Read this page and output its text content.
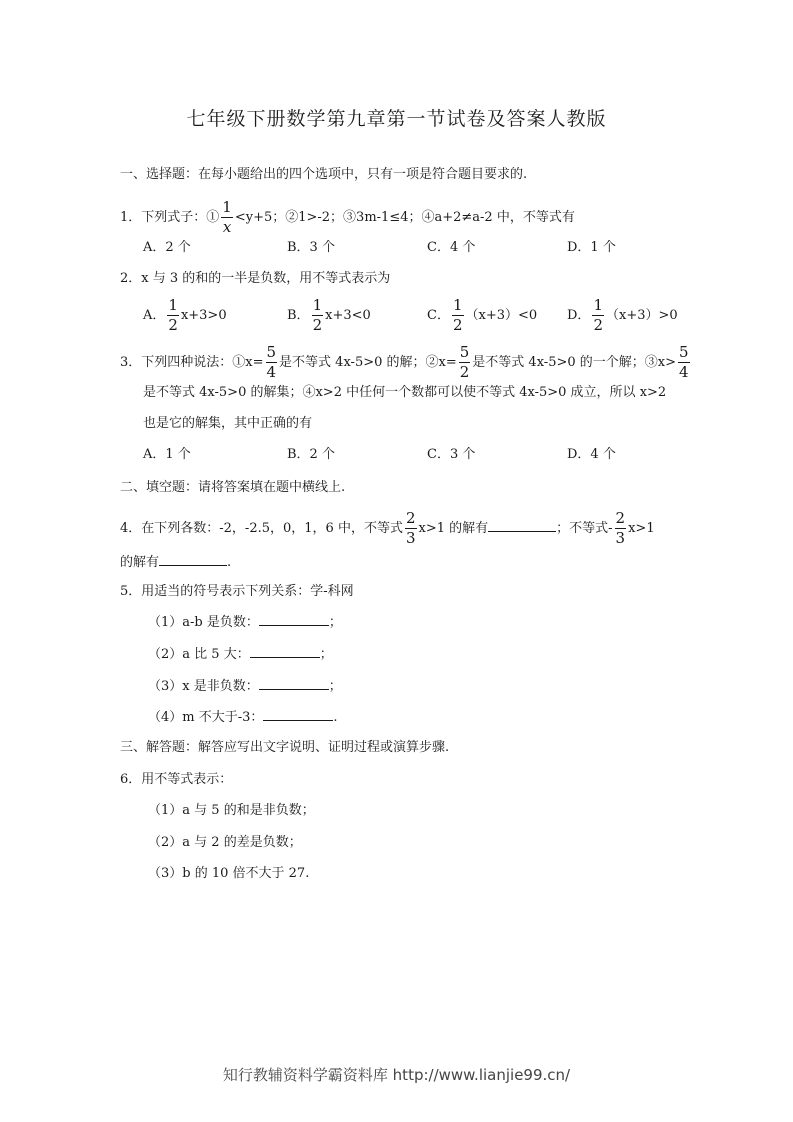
七年级下册数学第九章第一节试卷及答案人教版
一、选择题：在每小题给出的四个选项中，只有一项是符合题目要求的.
1．下列式子：① $\frac{1}{x} <y+5$；②1>-2；③3m-1≤4；④a+2≠a-2 中，不等式有
A．2 个	B．3 个	C．4 个	D．1 个
2．x 与 3 的和的一半是负数，用不等式表示为
A． $\frac{1}{2} x+3>0$	B． $\frac{1}{2} x+3<0$	C． $\frac{1}{2} (x+3)<0$ D． $\frac{1}{2} (x+3)>0$
3．下列四种说法：①x= $\frac{5}{4}$ 是不等式 4x-5>0 的解；②x= $\frac{5}{2}$ 是不等式 4x-5>0 的一个解；③x> $\frac{5}{4}$
是不等式 4x-5>0 的解集；④x>2 中任何一个数都可以使不等式 4x-5>0 成立，所以 x>2
也是它的解集，其中正确的有
A．1 个	B．2 个	C．3 个	D．4 个
二、填空题：请将答案填在题中横线上.
4．在下列各数：-2，-2.5，0，1，6 中，不等式 $\frac{2}{3} x>1$ 的解有	；不等式- $\frac{2}{3} x>1$
的解有	.
5．用适当的符号表示下列关系：学-科网
（1）a-b 是负数：	；
（2）a 比 5 大：	；
（3）x 是非负数：	；
（4）m 不大于-3：	.
三、解答题：解答应写出文字说明、证明过程或演算步骤.
6．用不等式表示：
（1）a 与 5 的和是非负数；
（2）a 与 2 的差是负数；
（3）b 的 10 倍不大于 27.
知行教辅资料学霸资料库 http://www.lianjie99.cn/
